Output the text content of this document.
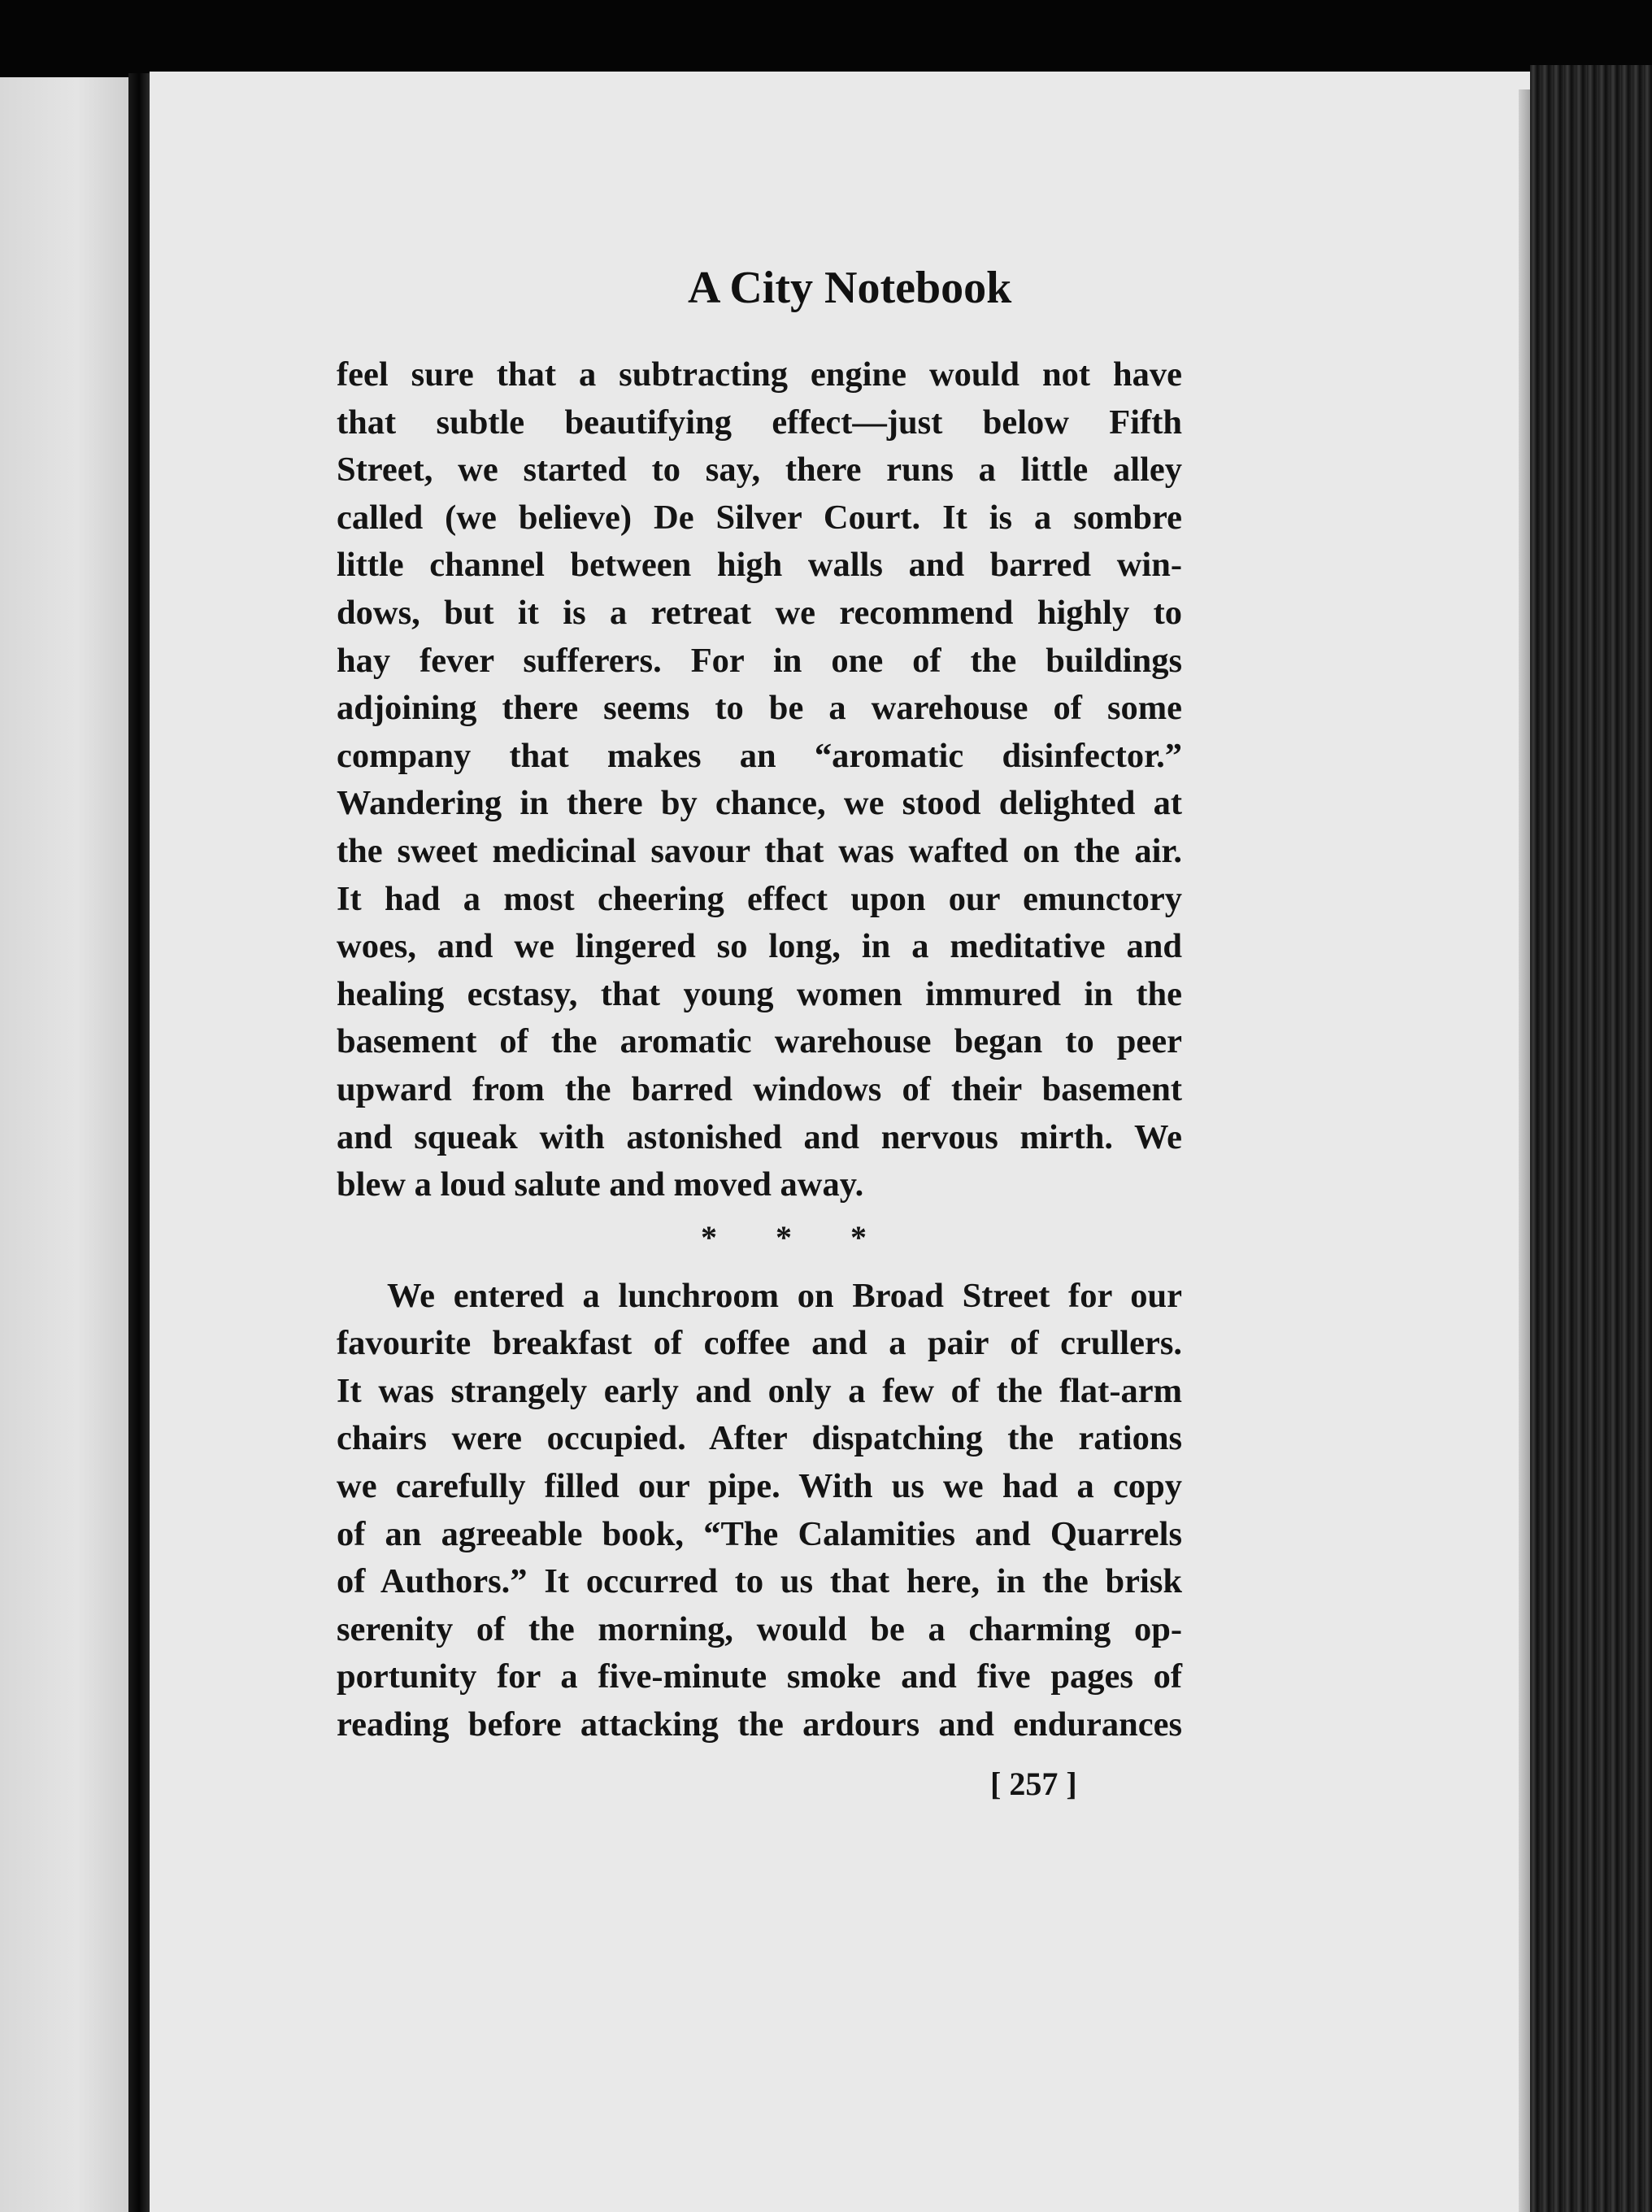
A City Notebook
feel sure that a subtracting engine would not have
that subtle beautifying effect—just below Fifth
Street, we started to say, there runs a little alley
called (we believe) De Silver Court. It is a sombre
little channel between high walls and barred win-
dows, but it is a retreat we recommend highly to
hay fever sufferers. For in one of the buildings
adjoining there seems to be a warehouse of some
company that makes an “aromatic disinfector.”
Wandering in there by chance, we stood delighted at
the sweet medicinal savour that was wafted on the air.
It had a most cheering effect upon our emunctory
woes, and we lingered so long, in a meditative and
healing ecstasy, that young women immured in the
basement of the aromatic warehouse began to peer
upward from the barred windows of their basement
and squeak with astonished and nervous mirth. We
blew a loud salute and moved away.
* * *
We entered a lunchroom on Broad Street for our
favourite breakfast of coffee and a pair of crullers.
It was strangely early and only a few of the flat-arm
chairs were occupied. After dispatching the rations
we carefully filled our pipe. With us we had a copy
of an agreeable book, “The Calamities and Quarrels
of Authors.” It occurred to us that here, in the brisk
serenity of the morning, would be a charming op-
portunity for a five-minute smoke and five pages of
reading before attacking the ardours and endurances
[ 257 ]
